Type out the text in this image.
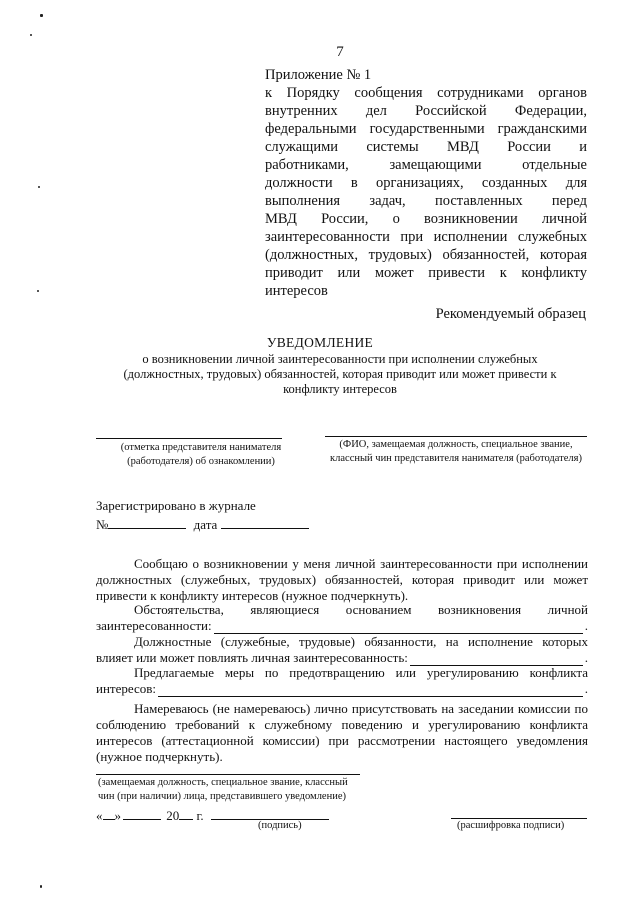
7
Приложение № 1
к Порядку сообщения сотрудниками органов
внутренних дел Российской Федерации,
федеральными государственными гражданскими
служащими системы МВД России и
работниками, замещающими отдельные
должности в организациях, созданных для
выполнения задач, поставленных перед
МВД России, о возникновении личной
заинтересованности при исполнении служебных
(должностных, трудовых) обязанностей, которая
приводит или может привести к конфликту
интересов
Рекомендуемый образец
УВЕДОМЛЕНИЕ
о возникновении личной заинтересованности при исполнении служебных
(должностных, трудовых) обязанностей, которая приводит или может привести к
конфликту интересов
(отметка представителя нанимателя
(работодателя) об ознакомлении)
(ФИО, замещаемая должность, специальное звание,
классный чин представителя нанимателя (работодателя)
Зарегистрировано в журнале
№	дата
Сообщаю о возникновении у меня личной заинтересованности при исполнении
должностных (служебных, трудовых) обязанностей, которая приводит или может
привести к конфликту интересов (нужное подчеркнуть).
Обстоятельства, являющиеся основанием возникновения личной
заинтересованности:	.
Должностные (служебные, трудовые) обязанности, на исполнение которых
влияет или может повлиять личная заинтересованность:	.
Предлагаемые меры по предотвращению или урегулированию конфликта
интересов:	.
Намереваюсь (не намереваюсь) лично присутствовать на заседании комиссии по
соблюдению требований к служебному поведению и урегулированию конфликта
интересов (аттестационной комиссии) при рассмотрении настоящего уведомления
(нужное подчеркнуть).
(замещаемая должность, специальное звание, классный
чин (при наличии) лица, представившего уведомление)
« »	20 г.
(подпись)	(расшифровка подписи)
